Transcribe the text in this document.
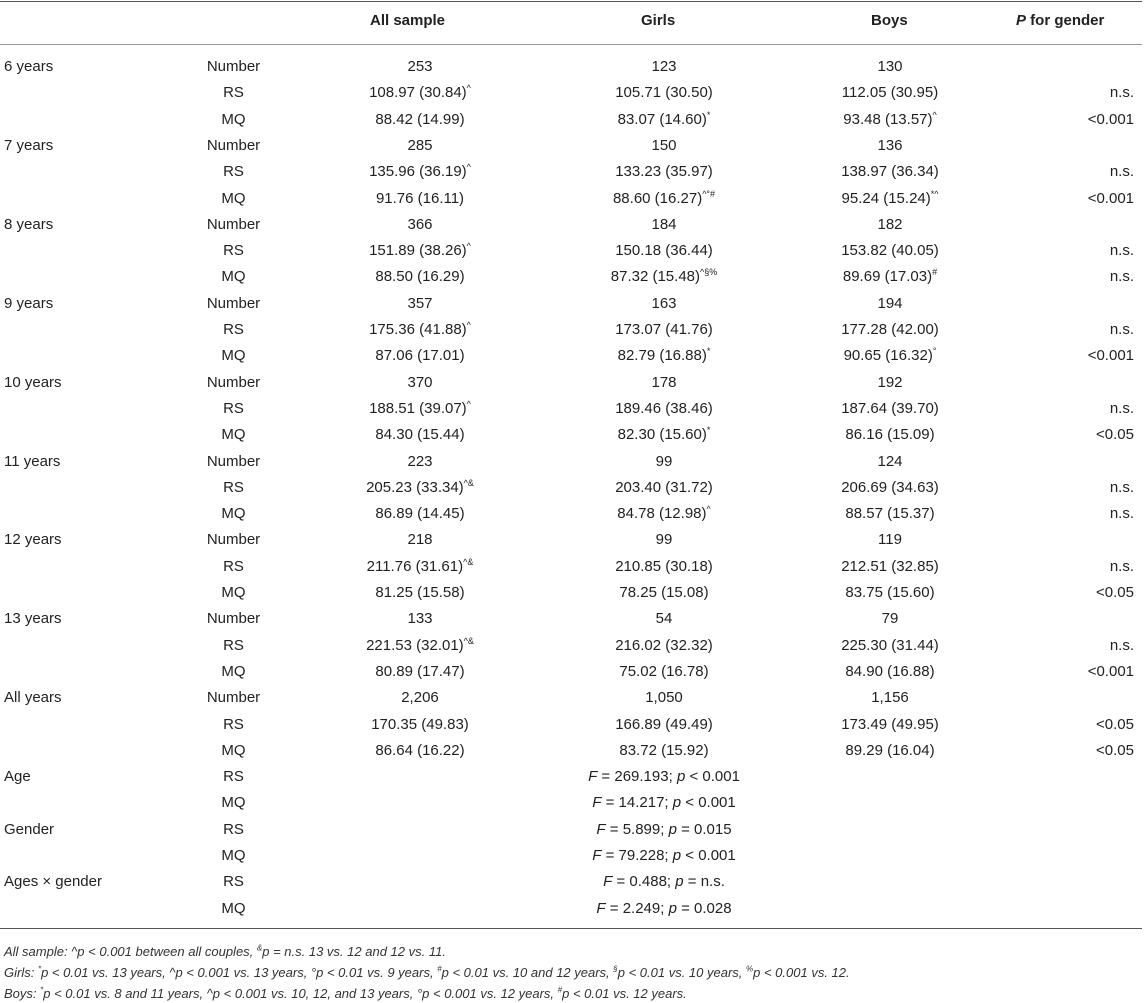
All sample	Girls	Boys	P for gender
6 years	Number	253	123	130
RS	108.97 (30.84)^	105.71 (30.50)	112.05 (30.95)	n.s.
MQ	88.42 (14.99)	83.07 (14.60)*	93.48 (13.57)^	<0.001
7 years	Number	285	150	136
RS	135.96 (36.19)^	133.23 (35.97)	138.97 (36.34)	n.s.
MQ	91.76 (16.11)	88.60 (16.27)^°#	95.24 (15.24)*^	<0.001
8 years	Number	366	184	182
RS	151.89 (38.26)^	150.18 (36.44)	153.82 (40.05)	n.s.
MQ	88.50 (16.29)	87.32 (15.48)^§%	89.69 (17.03)#	n.s.
9 years	Number	357	163	194
RS	175.36 (41.88)^	173.07 (41.76)	177.28 (42.00)	n.s.
MQ	87.06 (17.01)	82.79 (16.88)*	90.65 (16.32)°	<0.001
10 years	Number	370	178	192
RS	188.51 (39.07)^	189.46 (38.46)	187.64 (39.70)	n.s.
MQ	84.30 (15.44)	82.30 (15.60)*	86.16 (15.09)	<0.05
11 years	Number	223	99	124
RS	205.23 (33.34)^&	203.40 (31.72)	206.69 (34.63)	n.s.
MQ	86.89 (14.45)	84.78 (12.98)^	88.57 (15.37)	n.s.
12 years	Number	218	99	119
RS	211.76 (31.61)^&	210.85 (30.18)	212.51 (32.85)	n.s.
MQ	81.25 (15.58)	78.25 (15.08)	83.75 (15.60)	<0.05
13 years	Number	133	54	79
RS	221.53 (32.01)^&	216.02 (32.32)	225.30 (31.44)	n.s.
MQ	80.89 (17.47)	75.02 (16.78)	84.90 (16.88)	<0.001
All years	Number	2,206	1,050	1,156
RS	170.35 (49.83)	166.89 (49.49)	173.49 (49.95)	<0.05
MQ	86.64 (16.22)	83.72 (15.92)	89.29 (16.04)	<0.05
Age	RS	F = 269.193; p < 0.001
MQ	F = 14.217; p < 0.001
Gender	RS	F = 5.899; p = 0.015
MQ	F = 79.228; p < 0.001
Ages × gender	RS	F = 0.488; p = n.s.
MQ	F = 2.249; p = 0.028
All sample: ^p < 0.001 between all couples, &p = n.s. 13 vs. 12 and 12 vs. 11.
Girls: *p < 0.01 vs. 13 years, ^p < 0.001 vs. 13 years, °p < 0.01 vs. 9 years, #p < 0.01 vs. 10 and 12 years, §p < 0.01 vs. 10 years, %p < 0.001 vs. 12.
Boys: *p < 0.01 vs. 8 and 11 years, ^p < 0.001 vs. 10, 12, and 13 years, °p < 0.001 vs. 12 years, #p < 0.01 vs. 12 years.
